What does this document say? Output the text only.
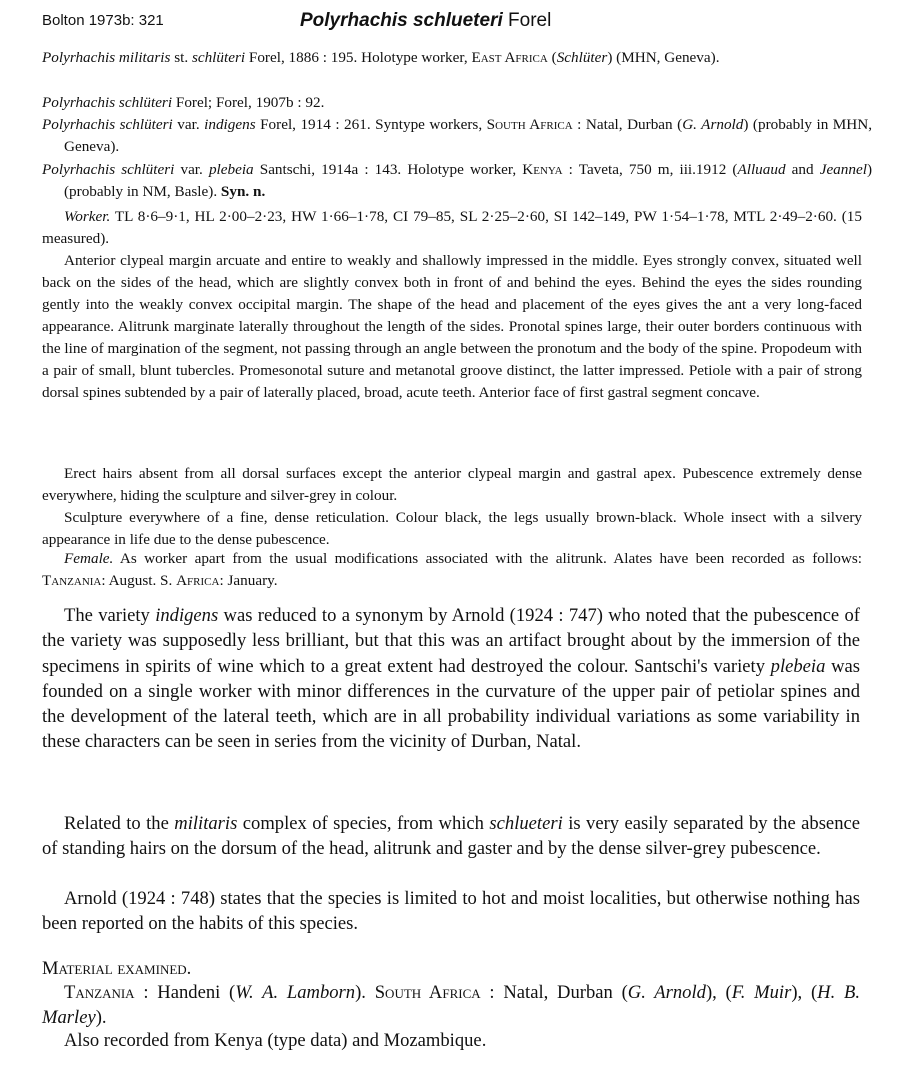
Bolton 1973b: 321	Polyrhachis schlueteri Forel
Polyrhachis militaris st. schlüteri Forel, 1886 : 195. Holotype worker, East Africa (Schlüter) (MHN, Geneva).
Polyrhachis schlüteri Forel; Forel, 1907b : 92.
Polyrhachis schlüteri var. indigens Forel, 1914 : 261. Syntype workers, South Africa : Natal, Durban (G. Arnold) (probably in MHN, Geneva).
Polyrhachis schlüteri var. plebeia Santschi, 1914a : 143. Holotype worker, Kenya : Taveta, 750 m, iii.1912 (Alluaud and Jeannel) (probably in NM, Basle). Syn. n.
Worker. TL 8·6–9·1, HL 2·00–2·23, HW 1·66–1·78, CI 79–85, SL 2·25–2·60, SI 142–149, PW 1·54–1·78, MTL 2·49–2·60. (15 measured).
Anterior clypeal margin arcuate and entire to weakly and shallowly impressed in the middle. Eyes strongly convex, situated well back on the sides of the head, which are slightly convex both in front of and behind the eyes. Behind the eyes the sides rounding gently into the weakly convex occipital margin. The shape of the head and placement of the eyes gives the ant a very long-faced appearance. Alitrunk marginate laterally throughout the length of the sides. Pronotal spines large, their outer borders continuous with the line of margination of the segment, not passing through an angle between the pronotum and the body of the spine. Propodeum with a pair of small, blunt tubercles. Promesonotal suture and metanotal groove distinct, the latter impressed. Petiole with a pair of strong dorsal spines subtended by a pair of laterally placed, broad, acute teeth. Anterior face of first gastral segment concave.
Erect hairs absent from all dorsal surfaces except the anterior clypeal margin and gastral apex. Pubescence extremely dense everywhere, hiding the sculpture and silver-grey in colour.
Sculpture everywhere of a fine, dense reticulation. Colour black, the legs usually brown-black. Whole insect with a silvery appearance in life due to the dense pubescence.
Female. As worker apart from the usual modifications associated with the alitrunk. Alates have been recorded as follows: Tanzania: August. S. Africa: January.
The variety indigens was reduced to a synonym by Arnold (1924 : 747) who noted that the pubescence of the variety was supposedly less brilliant, but that this was an artifact brought about by the immersion of the specimens in spirits of wine which to a great extent had destroyed the colour. Santschi's variety plebeia was founded on a single worker with minor differences in the curvature of the upper pair of petiolar spines and the development of the lateral teeth, which are in all probability individual variations as some variability in these characters can be seen in series from the vicinity of Durban, Natal.
Related to the militaris complex of species, from which schlueteri is very easily separated by the absence of standing hairs on the dorsum of the head, alitrunk and gaster and by the dense silver-grey pubescence.
Arnold (1924 : 748) states that the species is limited to hot and moist localities, but otherwise nothing has been reported on the habits of this species.
Material examined.
Tanzania : Handeni (W. A. Lamborn). South Africa : Natal, Durban (G. Arnold), (F. Muir), (H. B. Marley).
Also recorded from Kenya (type data) and Mozambique.
